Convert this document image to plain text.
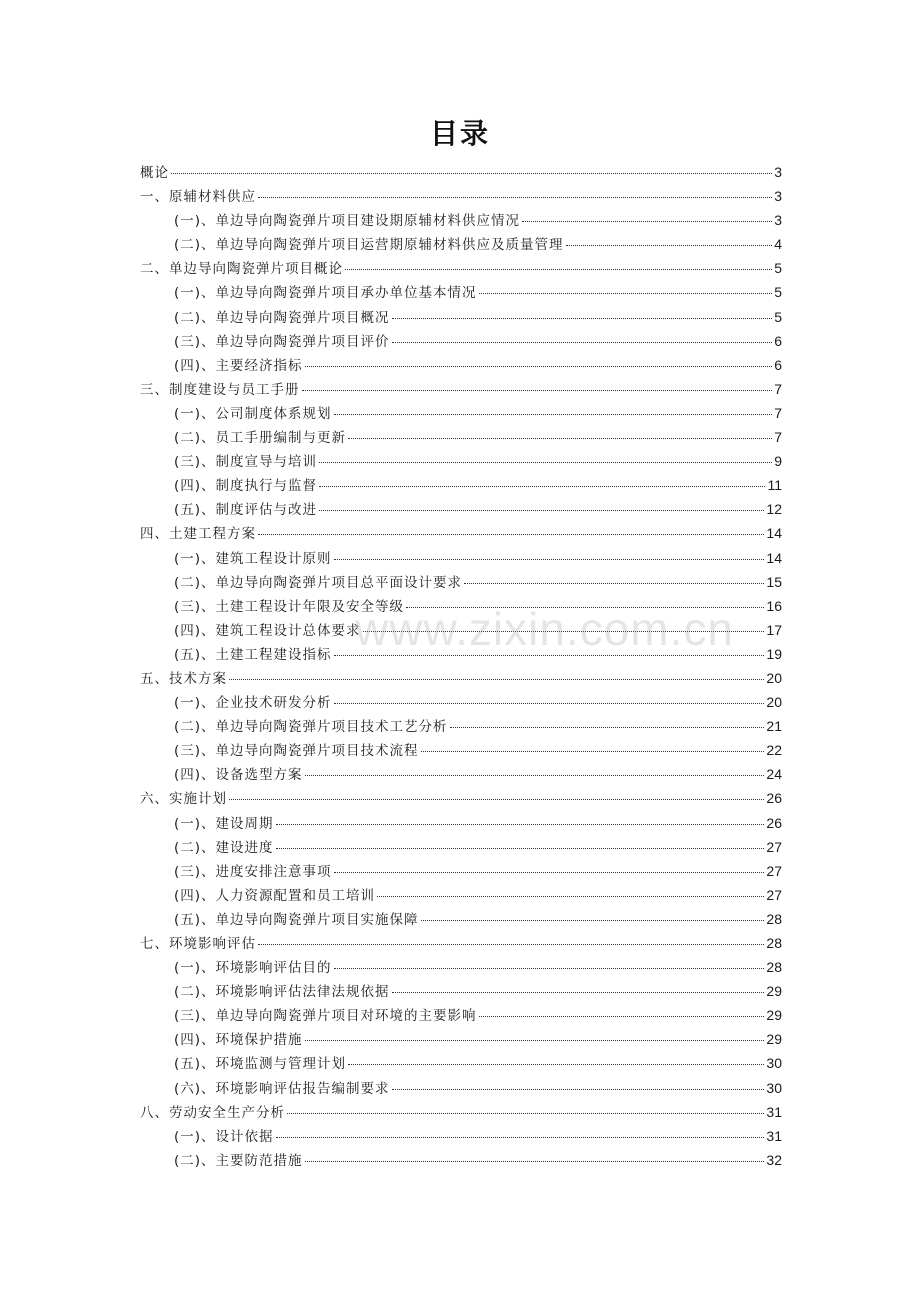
目录
概论	3
一、原辅材料供应	3
(一)、单边导向陶瓷弹片项目建设期原辅材料供应情况	3
(二)、单边导向陶瓷弹片项目运营期原辅材料供应及质量管理	4
二、单边导向陶瓷弹片项目概论	5
(一)、单边导向陶瓷弹片项目承办单位基本情况	5
(二)、单边导向陶瓷弹片项目概况	5
(三)、单边导向陶瓷弹片项目评价	6
(四)、主要经济指标	6
三、制度建设与员工手册	7
(一)、公司制度体系规划	7
(二)、员工手册编制与更新	7
(三)、制度宣导与培训	9
(四)、制度执行与监督	11
(五)、制度评估与改进	12
四、土建工程方案	14
(一)、建筑工程设计原则	14
(二)、单边导向陶瓷弹片项目总平面设计要求	15
(三)、土建工程设计年限及安全等级	16
(四)、建筑工程设计总体要求	17
(五)、土建工程建设指标	19
五、技术方案	20
(一)、企业技术研发分析	20
(二)、单边导向陶瓷弹片项目技术工艺分析	21
(三)、单边导向陶瓷弹片项目技术流程	22
(四)、设备选型方案	24
六、实施计划	26
(一)、建设周期	26
(二)、建设进度	27
(三)、进度安排注意事项	27
(四)、人力资源配置和员工培训	27
(五)、单边导向陶瓷弹片项目实施保障	28
七、环境影响评估	28
(一)、环境影响评估目的	28
(二)、环境影响评估法律法规依据	29
(三)、单边导向陶瓷弹片项目对环境的主要影响	29
(四)、环境保护措施	29
(五)、环境监测与管理计划	30
(六)、环境影响评估报告编制要求	30
八、劳动安全生产分析	31
(一)、设计依据	31
(二)、主要防范措施	32
www.zixin.com.cn
